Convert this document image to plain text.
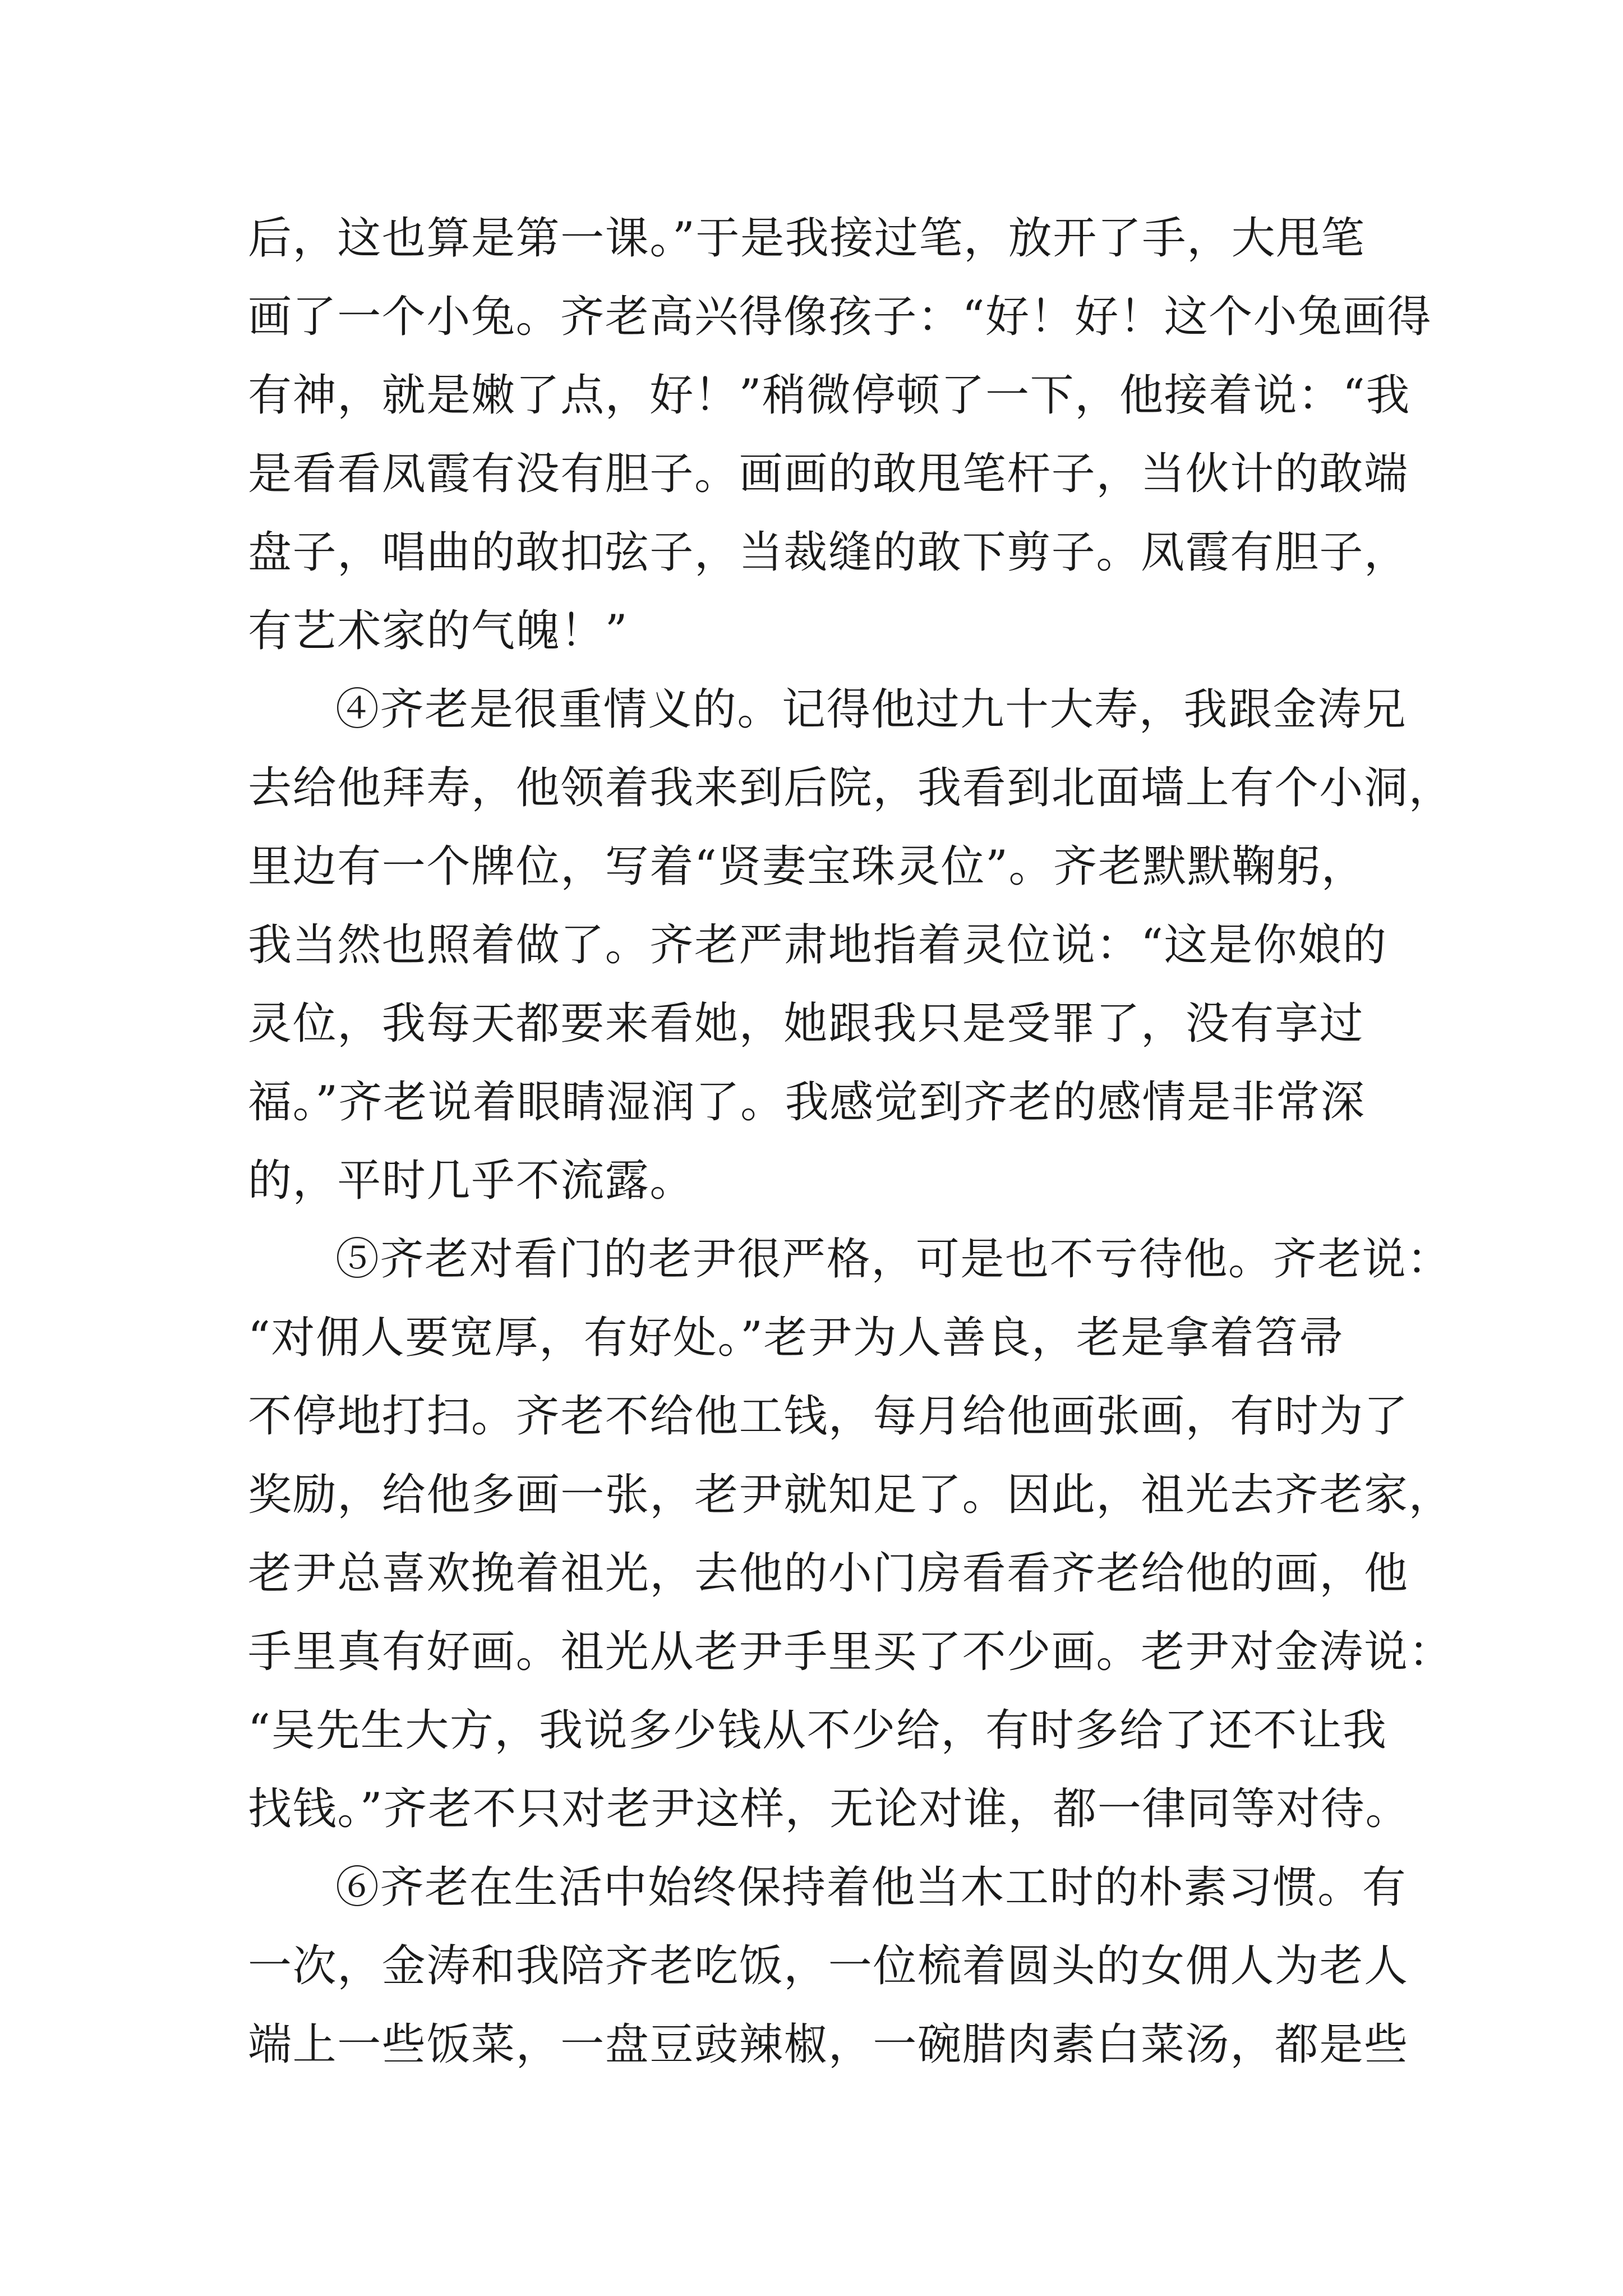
后，这也算是第一课。”于是我接过笔，放开了手，大甩笔
画了一个小兔。齐老高兴得像孩子：“好！好！这个小兔画得
有神，就是嫩了点，好！”稍微停顿了一下，他接着说：“我
是看看凤霞有没有胆子。画画的敢甩笔杆子，当伙计的敢端
盘子，唱曲的敢扣弦子，当裁缝的敢下剪子。凤霞有胆子，
有艺术家的气魄！”
④齐老是很重情义的。记得他过九十大寿，我跟金涛兄
去给他拜寿，他领着我来到后院，我看到北面墙上有个小洞，
里边有一个牌位，写着“贤妻宝珠灵位”。齐老默默鞠躬，
我当然也照着做了。齐老严肃地指着灵位说：“这是你娘的
灵位，我每天都要来看她，她跟我只是受罪了，没有享过
福。”齐老说着眼睛湿润了。我感觉到齐老的感情是非常深
的，平时几乎不流露。
⑤齐老对看门的老尹很严格，可是也不亏待他。齐老说：
“对佣人要宽厚，有好处。”老尹为人善良，老是拿着笤帚
不停地打扫。齐老不给他工钱，每月给他画张画，有时为了
奖励，给他多画一张，老尹就知足了。因此，祖光去齐老家，
老尹总喜欢挽着祖光，去他的小门房看看齐老给他的画，他
手里真有好画。祖光从老尹手里买了不少画。老尹对金涛说：
“吴先生大方，我说多少钱从不少给，有时多给了还不让我
找钱。”齐老不只对老尹这样，无论对谁，都一律同等对待。
⑥齐老在生活中始终保持着他当木工时的朴素习惯。有
一次，金涛和我陪齐老吃饭，一位梳着圆头的女佣人为老人
端上一些饭菜，一盘豆豉辣椒，一碗腊肉素白菜汤，都是些
